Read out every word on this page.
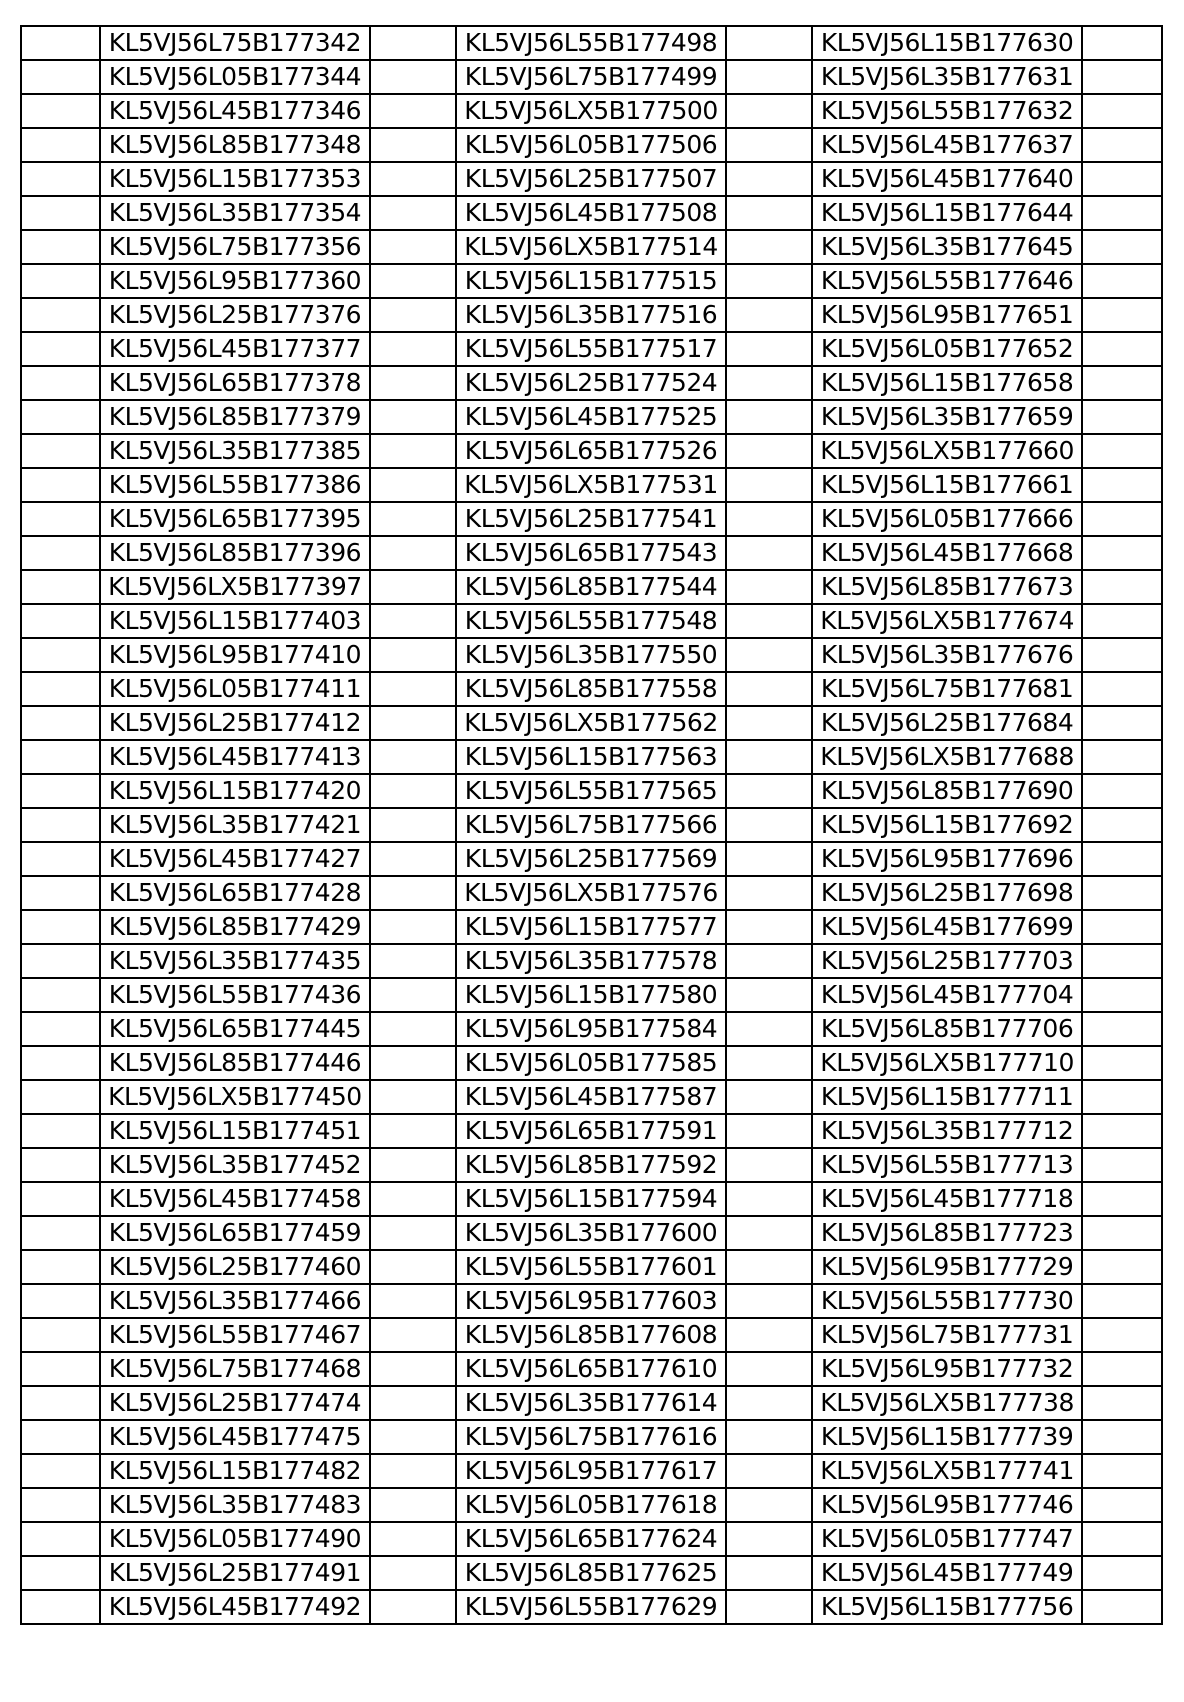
	KL5VJ56L75B177342		KL5VJ56L55B177498		KL5VJ56L15B177630	
	KL5VJ56L05B177344		KL5VJ56L75B177499		KL5VJ56L35B177631	
	KL5VJ56L45B177346		KL5VJ56LX5B177500		KL5VJ56L55B177632	
	KL5VJ56L85B177348		KL5VJ56L05B177506		KL5VJ56L45B177637	
	KL5VJ56L15B177353		KL5VJ56L25B177507		KL5VJ56L45B177640	
	KL5VJ56L35B177354		KL5VJ56L45B177508		KL5VJ56L15B177644	
	KL5VJ56L75B177356		KL5VJ56LX5B177514		KL5VJ56L35B177645	
	KL5VJ56L95B177360		KL5VJ56L15B177515		KL5VJ56L55B177646	
	KL5VJ56L25B177376		KL5VJ56L35B177516		KL5VJ56L95B177651	
	KL5VJ56L45B177377		KL5VJ56L55B177517		KL5VJ56L05B177652	
	KL5VJ56L65B177378		KL5VJ56L25B177524		KL5VJ56L15B177658	
	KL5VJ56L85B177379		KL5VJ56L45B177525		KL5VJ56L35B177659	
	KL5VJ56L35B177385		KL5VJ56L65B177526		KL5VJ56LX5B177660	
	KL5VJ56L55B177386		KL5VJ56LX5B177531		KL5VJ56L15B177661	
	KL5VJ56L65B177395		KL5VJ56L25B177541		KL5VJ56L05B177666	
	KL5VJ56L85B177396		KL5VJ56L65B177543		KL5VJ56L45B177668	
	KL5VJ56LX5B177397		KL5VJ56L85B177544		KL5VJ56L85B177673	
	KL5VJ56L15B177403		KL5VJ56L55B177548		KL5VJ56LX5B177674	
	KL5VJ56L95B177410		KL5VJ56L35B177550		KL5VJ56L35B177676	
	KL5VJ56L05B177411		KL5VJ56L85B177558		KL5VJ56L75B177681	
	KL5VJ56L25B177412		KL5VJ56LX5B177562		KL5VJ56L25B177684	
	KL5VJ56L45B177413		KL5VJ56L15B177563		KL5VJ56LX5B177688	
	KL5VJ56L15B177420		KL5VJ56L55B177565		KL5VJ56L85B177690	
	KL5VJ56L35B177421		KL5VJ56L75B177566		KL5VJ56L15B177692	
	KL5VJ56L45B177427		KL5VJ56L25B177569		KL5VJ56L95B177696	
	KL5VJ56L65B177428		KL5VJ56LX5B177576		KL5VJ56L25B177698	
	KL5VJ56L85B177429		KL5VJ56L15B177577		KL5VJ56L45B177699	
	KL5VJ56L35B177435		KL5VJ56L35B177578		KL5VJ56L25B177703	
	KL5VJ56L55B177436		KL5VJ56L15B177580		KL5VJ56L45B177704	
	KL5VJ56L65B177445		KL5VJ56L95B177584		KL5VJ56L85B177706	
	KL5VJ56L85B177446		KL5VJ56L05B177585		KL5VJ56LX5B177710	
	KL5VJ56LX5B177450		KL5VJ56L45B177587		KL5VJ56L15B177711	
	KL5VJ56L15B177451		KL5VJ56L65B177591		KL5VJ56L35B177712	
	KL5VJ56L35B177452		KL5VJ56L85B177592		KL5VJ56L55B177713	
	KL5VJ56L45B177458		KL5VJ56L15B177594		KL5VJ56L45B177718	
	KL5VJ56L65B177459		KL5VJ56L35B177600		KL5VJ56L85B177723	
	KL5VJ56L25B177460		KL5VJ56L55B177601		KL5VJ56L95B177729	
	KL5VJ56L35B177466		KL5VJ56L95B177603		KL5VJ56L55B177730	
	KL5VJ56L55B177467		KL5VJ56L85B177608		KL5VJ56L75B177731	
	KL5VJ56L75B177468		KL5VJ56L65B177610		KL5VJ56L95B177732	
	KL5VJ56L25B177474		KL5VJ56L35B177614		KL5VJ56LX5B177738	
	KL5VJ56L45B177475		KL5VJ56L75B177616		KL5VJ56L15B177739	
	KL5VJ56L15B177482		KL5VJ56L95B177617		KL5VJ56LX5B177741	
	KL5VJ56L35B177483		KL5VJ56L05B177618		KL5VJ56L95B177746	
	KL5VJ56L05B177490		KL5VJ56L65B177624		KL5VJ56L05B177747	
	KL5VJ56L25B177491		KL5VJ56L85B177625		KL5VJ56L45B177749	
	KL5VJ56L45B177492		KL5VJ56L55B177629		KL5VJ56L15B177756	
